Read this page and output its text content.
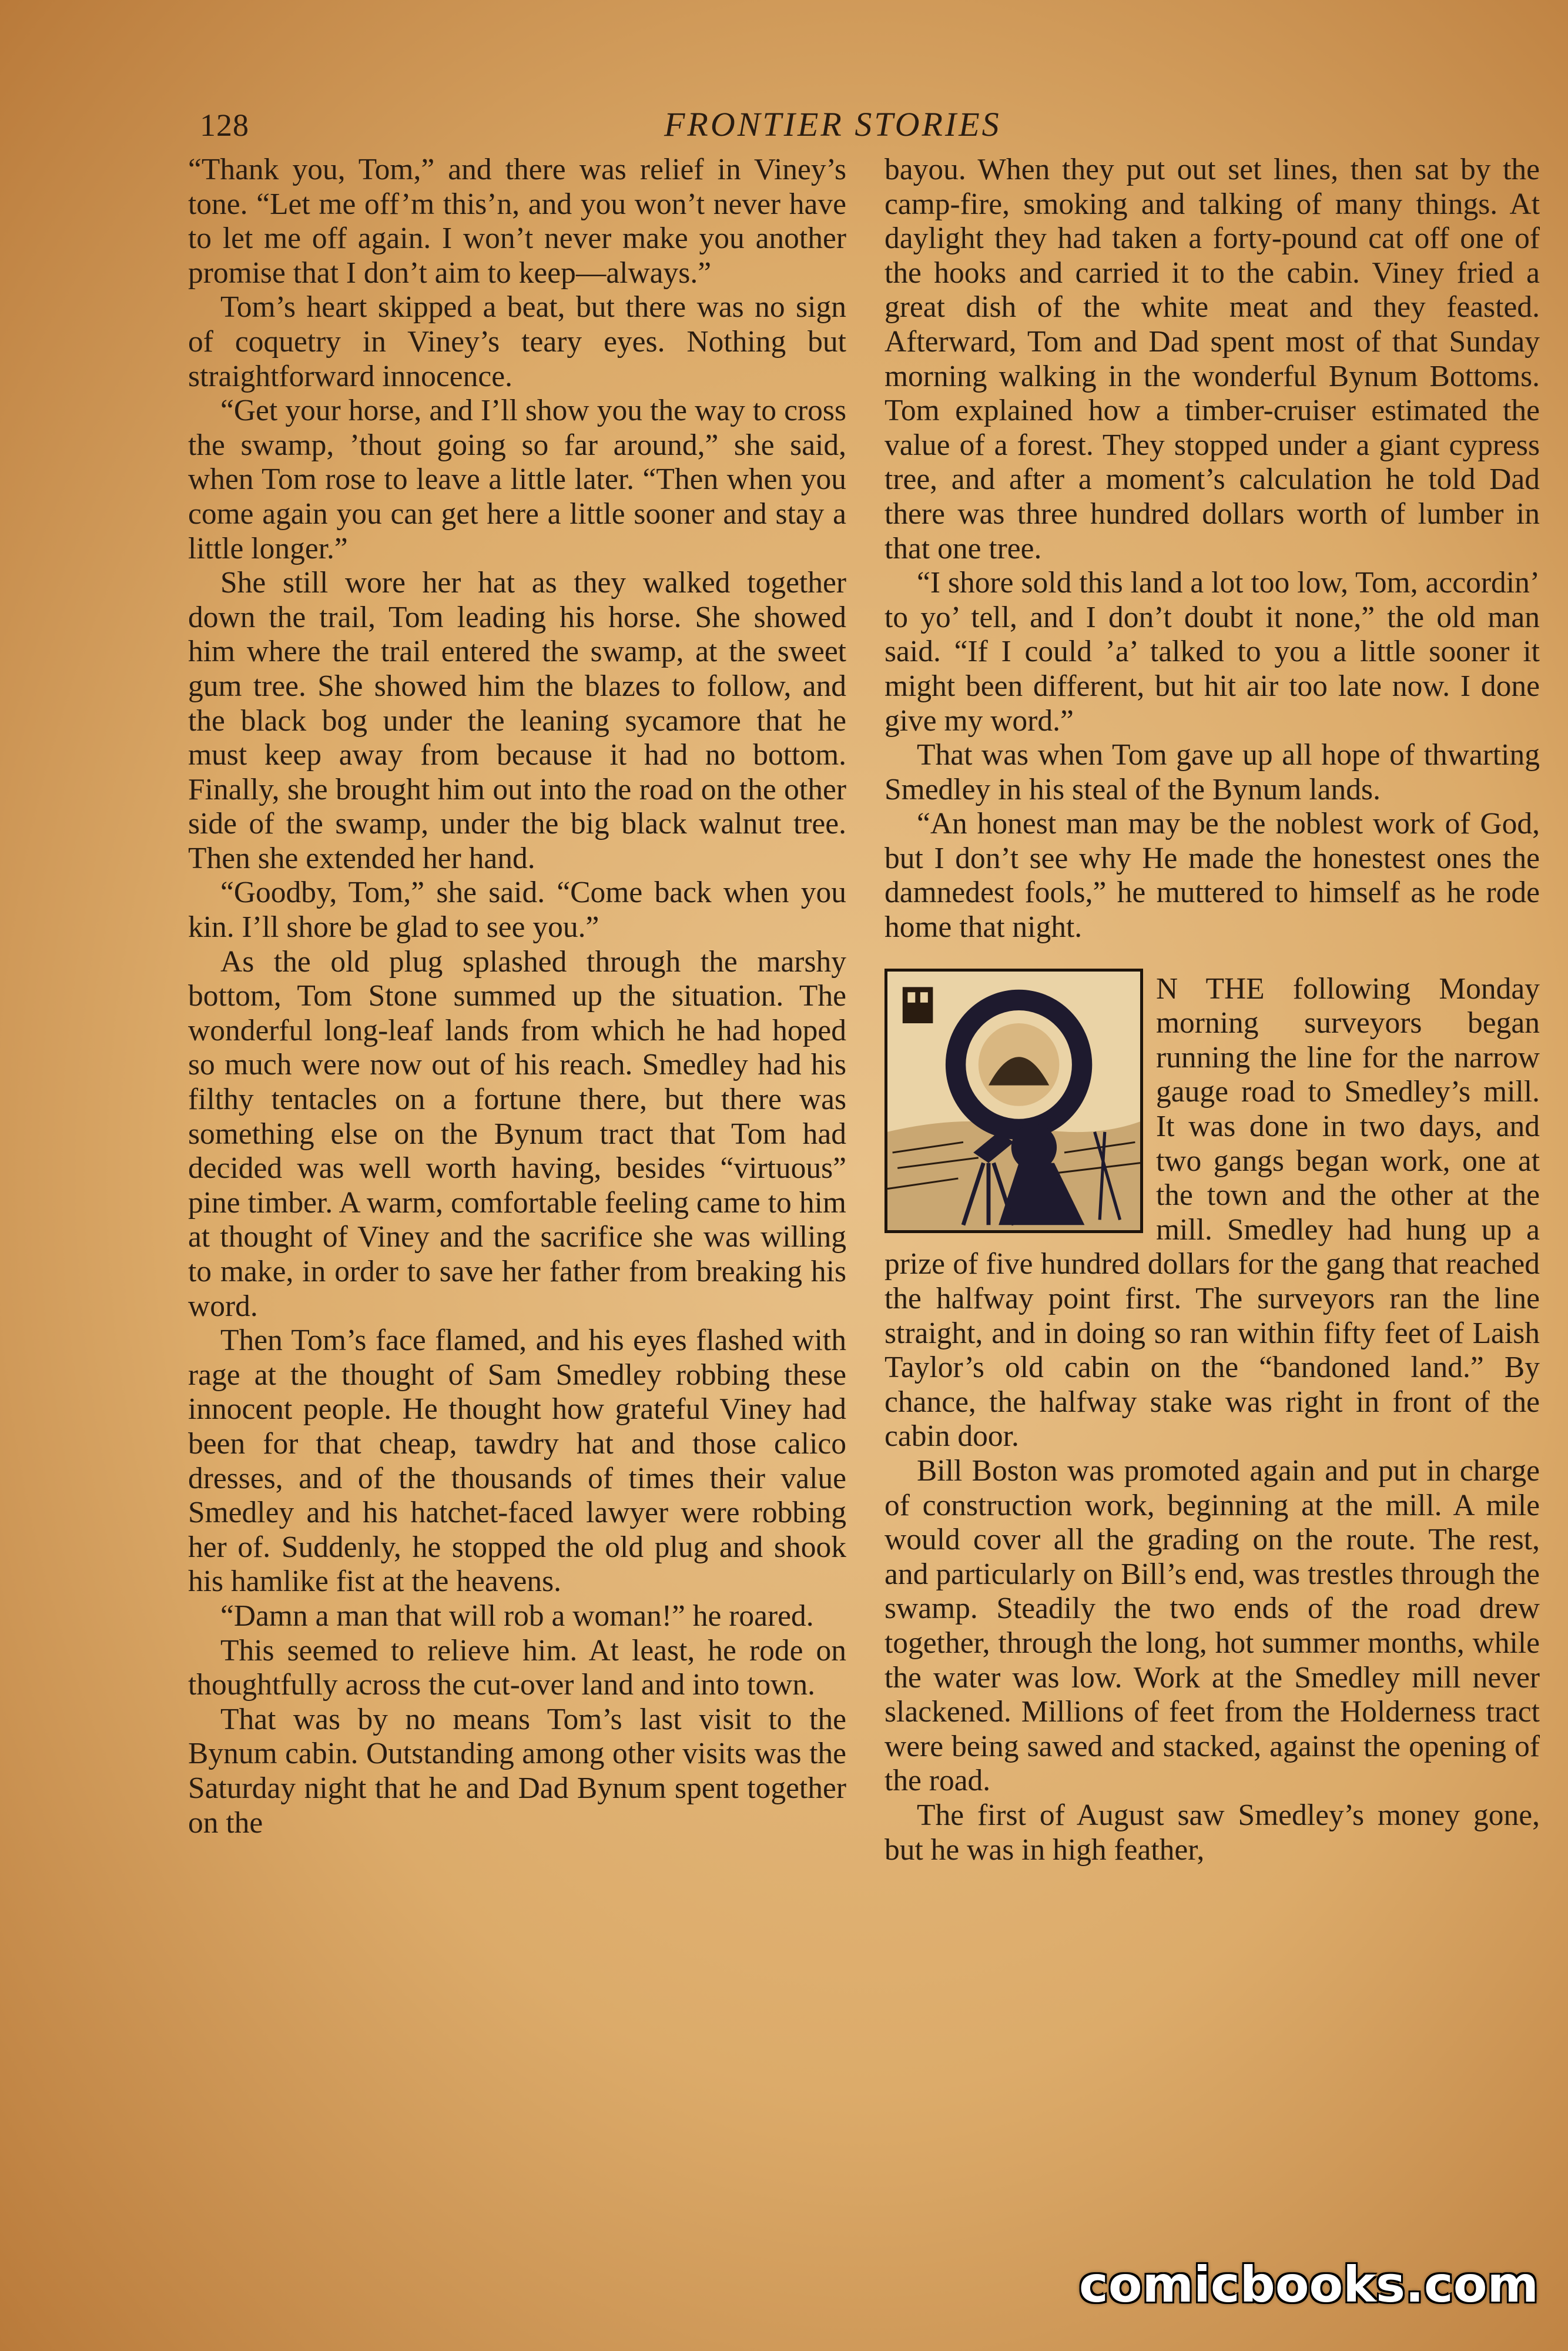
128	FRONTIER STORIES

“Thank you, Tom,” and there was relief in Viney’s tone. “Let me off’m this’n, and you won’t never have to let me off again. I won’t never make you another promise that I don’t aim to keep—always.”

Tom’s heart skipped a beat, but there was no sign of coquetry in Viney’s teary eyes. Nothing but straightforward innocence.

“Get your horse, and I’ll show you the way to cross the swamp, ’thout going so far around,” she said, when Tom rose to leave a little later. “Then when you come again you can get here a little sooner and stay a little longer.”

She still wore her hat as they walked together down the trail, Tom leading his horse. She showed him where the trail entered the swamp, at the sweet gum tree. She showed him the blazes to follow, and the black bog under the leaning sycamore that he must keep away from because it had no bottom. Finally, she brought him out into the road on the other side of the swamp, under the big black walnut tree. Then she extended her hand.

“Goodby, Tom,” she said. “Come back when you kin. I’ll shore be glad to see you.”

As the old plug splashed through the marshy bottom, Tom Stone summed up the situation. The wonderful long-leaf lands from which he had hoped so much were now out of his reach. Smedley had his filthy tentacles on a fortune there, but there was something else on the Bynum tract that Tom had decided was well worth having, besides “virtuous” pine timber. A warm, comfortable feeling came to him at thought of Viney and the sacrifice she was willing to make, in order to save her father from breaking his word.

Then Tom’s face flamed, and his eyes flashed with rage at the thought of Sam Smedley robbing these innocent people. He thought how grateful Viney had been for that cheap, tawdry hat and those calico dresses, and of the thousands of times their value Smedley and his hatchet-faced lawyer were robbing her of. Suddenly, he stopped the old plug and shook his hamlike fist at the heavens.

“Damn a man that will rob a woman!” he roared.

This seemed to relieve him. At least, he rode on thoughtfully across the cut-over land and into town.

That was by no means Tom’s last visit to the Bynum cabin. Outstanding among other visits was the Saturday night that he and Dad Bynum spent together on the

bayou. When they put out set lines, then sat by the camp-fire, smoking and talking of many things. At daylight they had taken a forty-pound cat off one of the hooks and carried it to the cabin. Viney fried a great dish of the white meat and they feasted. Afterward, Tom and Dad spent most of that Sunday morning walking in the wonderful Bynum Bottoms. Tom explained how a timber-cruiser estimated the value of a forest. They stopped under a giant cypress tree, and after a moment’s calculation he told Dad there was three hundred dollars worth of lumber in that one tree.

“I shore sold this land a lot too low, Tom, accordin’ to yo’ tell, and I don’t doubt it none,” the old man said. “If I could ’a’ talked to you a little sooner it might been different, but hit air too late now. I done give my word.”

That was when Tom gave up all hope of thwarting Smedley in his steal of the Bynum lands.

“An honest man may be the noblest work of God, but I don’t see why He made the honestest ones the damnedest fools,” he muttered to himself as he rode home that night.

N THE following Monday morning surveyors began running the line for the narrow gauge road to Smedley’s mill. It was done in two days, and two gangs began work, one at the town and the other at the mill. Smedley had hung up a prize of five hundred dollars for the gang that reached the halfway point first. The surveyors ran the line straight, and in doing so ran within fifty feet of Laish Taylor’s old cabin on the “bandoned land.” By chance, the halfway stake was right in front of the cabin door.

Bill Boston was promoted again and put in charge of construction work, beginning at the mill. A mile would cover all the grading on the route. The rest, and particularly on Bill’s end, was trestles through the swamp. Steadily the two ends of the road drew together, through the long, hot summer months, while the water was low. Work at the Smedley mill never slackened. Millions of feet from the Holderness tract were being sawed and stacked, against the opening of the road.

The first of August saw Smedley’s money gone, but he was in high feather,

comicbooks.com
